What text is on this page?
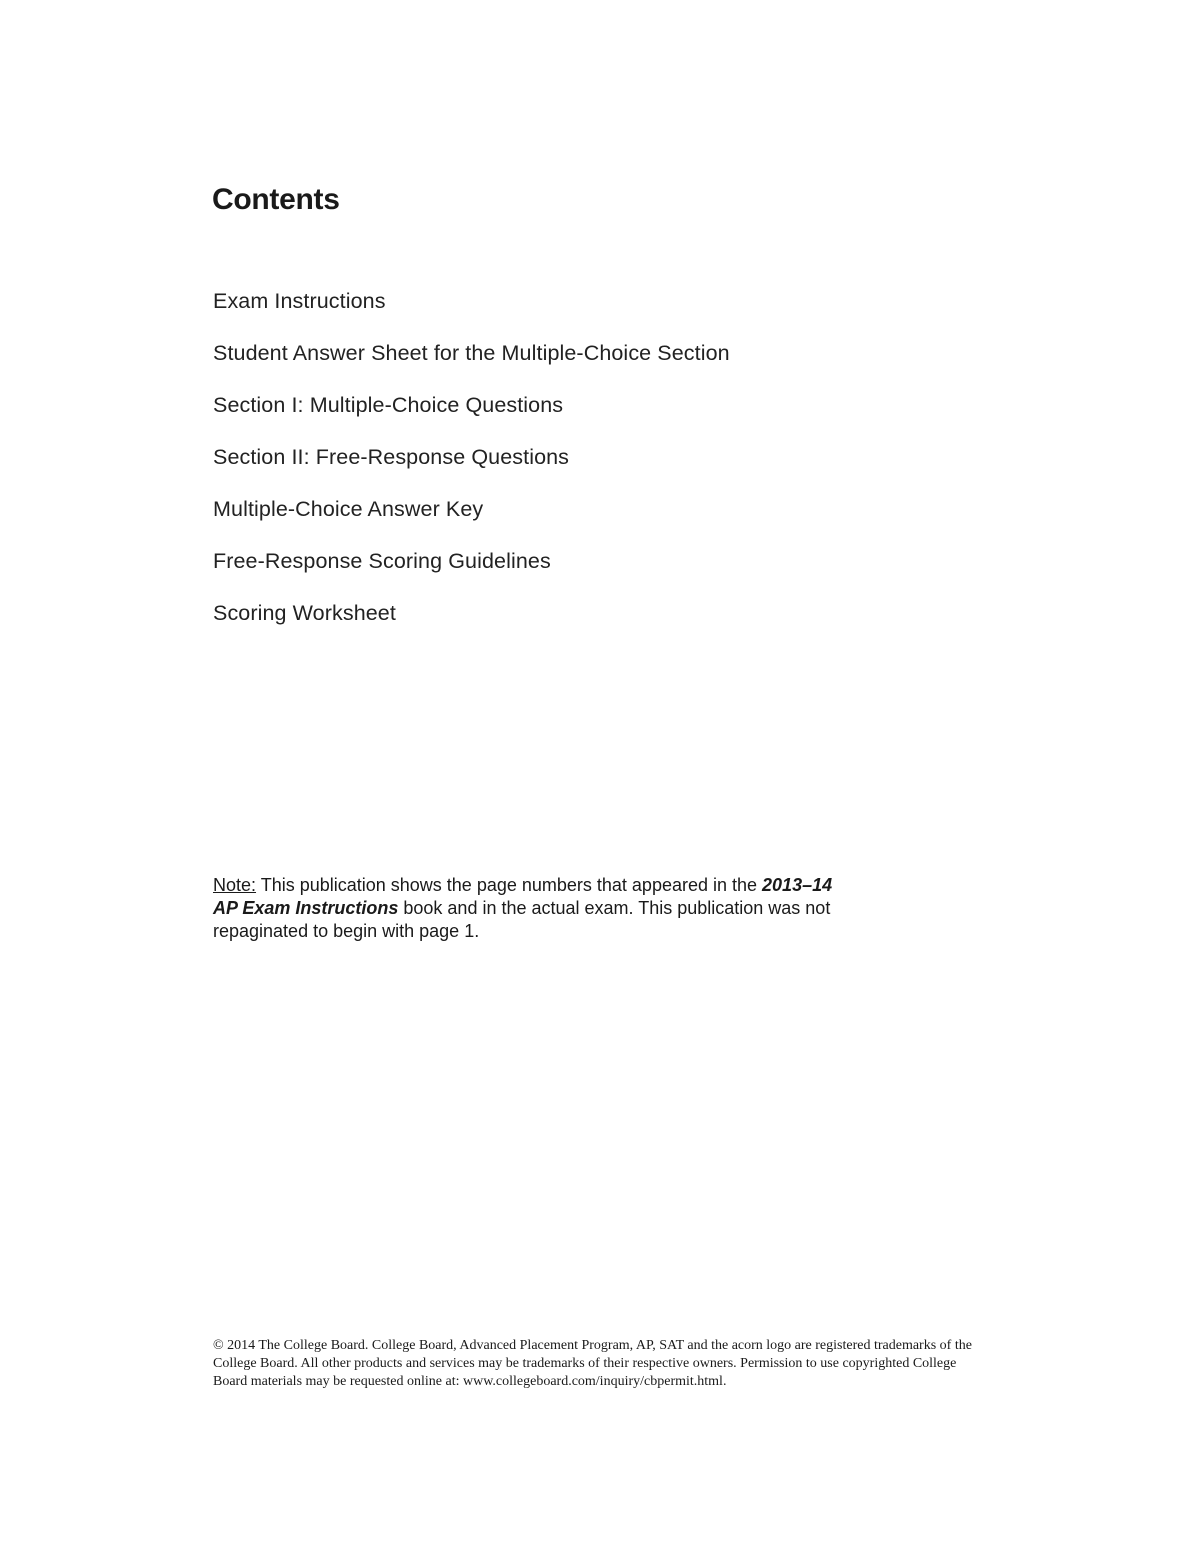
Contents
Exam Instructions
Student Answer Sheet for the Multiple-Choice Section
Section I: Multiple-Choice Questions
Section II: Free-Response Questions
Multiple-Choice Answer Key
Free-Response Scoring Guidelines
Scoring Worksheet
Note: This publication shows the page numbers that appeared in the 2013–14 AP Exam Instructions book and in the actual exam. This publication was not repaginated to begin with page 1.
© 2014 The College Board. College Board, Advanced Placement Program, AP, SAT and the acorn logo are registered trademarks of the College Board. All other products and services may be trademarks of their respective owners. Permission to use copyrighted College Board materials may be requested online at: www.collegeboard.com/inquiry/cbpermit.html.
